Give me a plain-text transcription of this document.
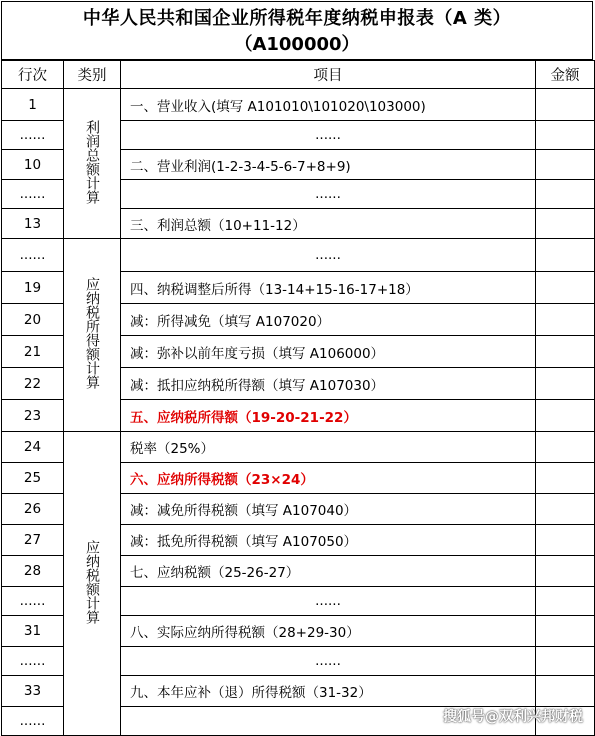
中华人民共和国企业所得税年度纳税申报表（A 类）
（A100000）
行次	类别	项目	金额
1	利润总额计算	一、营业收入(填写 A101010\101020\103000)	
......		......	
10		二、营业利润(1-2-3-4-5-6-7+8+9)	
......		......	
13		三、利润总额（10+11-12）	
......	应纳税所得额计算	......	
19		四、纳税调整后所得（13-14+15-16-17+18）	
20		减：所得减免（填写 A107020）	
21		减：弥补以前年度亏损（填写 A106000）	
22		减：抵扣应纳税所得额（填写 A107030）	
23		五、应纳税所得额（19-20-21-22）	
24	应纳税额计算	税率（25%）	
25		六、应纳所得税额（23×24）	
26		减：减免所得税额（填写 A107040）	
27		减：抵免所得税额（填写 A107050）	
28		七、应纳税额（25-26-27）	
......		......	
31		八、实际应纳所得税额（28+29-30）	
......		......	
33		九、本年应补（退）所得税额（31-32）	
......				搜狐号@双利兴邦财税
